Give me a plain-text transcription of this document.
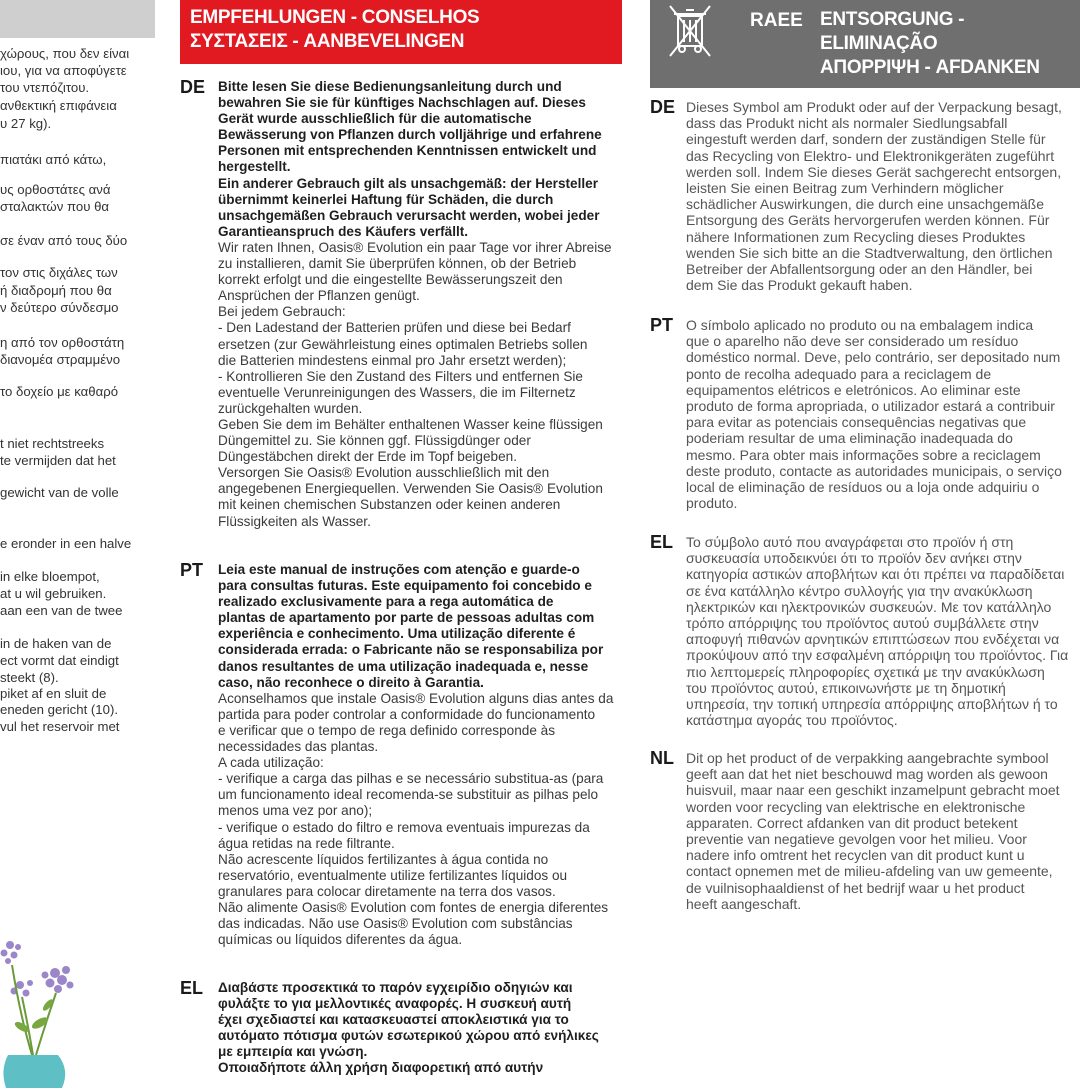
χώρους, που δεν είναι
ιου, για να αποφύγετε
του ντεπόζιτου.
ανθεκτική επιφάνεια
υ 27 kg).
πιατάκι από κάτω,
υς ορθοστάτες ανά
σταλακτών που θα
σε έναν από τους δύο
τον στις διχάλες των
ή διαδρομή που θα
ν δεύτερο σύνδεσμο
η από τον ορθοστάτη
διανομέα στραμμένο
το δοχείο με καθαρό
t niet rechtstreeks
te vermijden dat het
gewicht van de volle
e eronder in een halve
in elke bloempot,
at u wil gebruiken.
aan een van de twee
in de haken van de
ect vormt dat eindigt
steekt (8).
piket af en sluit de
eneden gericht (10).
vul het reservoir met
EMPFEHLUNGEN - CONSELHOS
ΣΥΣΤΑΣΕΙΣ - AANBEVELINGEN
DE Bitte lesen Sie diese Bedienungsanleitung durch und
bewahren Sie sie für künftiges Nachschlagen auf. Dieses
Gerät wurde ausschließlich für die automatische
Bewässerung von Pflanzen durch volljährige und erfahrene
Personen mit entsprechenden Kenntnissen entwickelt und
hergestellt.
Ein anderer Gebrauch gilt als unsachgemäß: der Hersteller
übernimmt keinerlei Haftung für Schäden, die durch
unsachgemäßen Gebrauch verursacht werden, wobei jeder
Garantieanspruch des Käufers verfällt.
Wir raten Ihnen, Oasis® Evolution ein paar Tage vor ihrer Abreise
zu installieren, damit Sie überprüfen können, ob der Betrieb
korrekt erfolgt und die eingestellte Bewässerungszeit den
Ansprüchen der Pflanzen genügt.
Bei jedem Gebrauch:
- Den Ladestand der Batterien prüfen und diese bei Bedarf
ersetzen (zur Gewährleistung eines optimalen Betriebs sollen
die Batterien mindestens einmal pro Jahr ersetzt werden);
- Kontrollieren Sie den Zustand des Filters und entfernen Sie
eventuelle Verunreinigungen des Wassers, die im Filternetz
zurückgehalten wurden.
Geben Sie dem im Behälter enthaltenen Wasser keine flüssigen
Düngemittel zu. Sie können ggf. Flüssigdünger oder
Düngestäbchen direkt der Erde im Topf beigeben.
Versorgen Sie Oasis® Evolution ausschließlich mit den
angegebenen Energiequellen. Verwenden Sie Oasis® Evolution
mit keinen chemischen Substanzen oder keinen anderen
Flüssigkeiten als Wasser.
PT Leia este manual de instruções com atenção e guarde-o
para consultas futuras. Este equipamento foi concebido e
realizado exclusivamente para a rega automática de
plantas de apartamento por parte de pessoas adultas com
experiência e conhecimento. Uma utilização diferente é
considerada errada: o Fabricante não se responsabiliza por
danos resultantes de uma utilização inadequada e, nesse
caso, não reconhece o direito à Garantia.
Aconselhamos que instale Oasis® Evolution alguns dias antes da
partida para poder controlar a conformidade do funcionamento
e verificar que o tempo de rega definido corresponde às
necessidades das plantas.
A cada utilização:
- verifique a carga das pilhas e se necessário substitua-as (para
um funcionamento ideal recomenda-se substituir as pilhas pelo
menos uma vez por ano);
- verifique o estado do filtro e remova eventuais impurezas da
água retidas na rede filtrante.
Não acrescente líquidos fertilizantes à água contida no
reservatório, eventualmente utilize fertilizantes líquidos ou
granulares para colocar diretamente na terra dos vasos.
Não alimente Oasis® Evolution com fontes de energia diferentes
das indicadas. Não use Oasis® Evolution com substâncias
químicas ou líquidos diferentes da água.
EL Διαβάστε προσεκτικά το παρόν εγχειρίδιο οδηγιών και
φυλάξτε το για μελλοντικές αναφορές. Η συσκευή αυτή
έχει σχεδιαστεί και κατασκευαστεί αποκλειστικά για το
αυτόματο πότισμα φυτών εσωτερικού χώρου από ενήλικες
με εμπειρία και γνώση.
Οποιαδήποτε άλλη χρήση διαφορετική από αυτήν
RAEE ENTSORGUNG - ELIMINAÇÃO
ΑΠΟΡΡΙΨΗ - AFDANKEN
DE Dieses Symbol am Produkt oder auf der Verpackung besagt,
dass das Produkt nicht als normaler Siedlungsabfall
eingestuft werden darf, sondern der zuständigen Stelle für
das Recycling von Elektro- und Elektronikgeräten zugeführt
werden soll. Indem Sie dieses Gerät sachgerecht entsorgen,
leisten Sie einen Beitrag zum Verhindern möglicher
schädlicher Auswirkungen, die durch eine unsachgemäße
Entsorgung des Geräts hervorgerufen werden können. Für
nähere Informationen zum Recycling dieses Produktes
wenden Sie sich bitte an die Stadtverwaltung, den örtlichen
Betreiber der Abfallentsorgung oder an den Händler, bei
dem Sie das Produkt gekauft haben.
PT O símbolo aplicado no produto ou na embalagem indica
que o aparelho não deve ser considerado um resíduo
doméstico normal. Deve, pelo contrário, ser depositado num
ponto de recolha adequado para a reciclagem de
equipamentos elétricos e eletrónicos. Ao eliminar este
produto de forma apropriada, o utilizador estará a contribuir
para evitar as potenciais consequências negativas que
poderiam resultar de uma eliminação inadequada do
mesmo. Para obter mais informações sobre a reciclagem
deste produto, contacte as autoridades municipais, o serviço
local de eliminação de resíduos ou a loja onde adquiriu o
produto.
EL Το σύμβολο αυτό που αναγράφεται στο προϊόν ή στη
συσκευασία υποδεικνύει ότι το προϊόν δεν ανήκει στην
κατηγορία αστικών αποβλήτων και ότι πρέπει να παραδίδεται
σε ένα κατάλληλο κέντρο συλλογής για την ανακύκλωση
ηλεκτρικών και ηλεκτρονικών συσκευών. Με τον κατάλληλο
τρόπο απόρριψης του προϊόντος αυτού συμβάλλετε στην
αποφυγή πιθανών αρνητικών επιπτώσεων που ενδέχεται να
προκύψουν από την εσφαλμένη απόρριψη του προϊόντος. Για
πιο λεπτομερείς πληροφορίες σχετικά με την ανακύκλωση
του προϊόντος αυτού, επικοινωνήστε με τη δημοτική
υπηρεσία, την τοπική υπηρεσία απόρριψης αποβλήτων ή το
κατάστημα αγοράς του προϊόντος.
NL Dit op het product of de verpakking aangebrachte symbool
geeft aan dat het niet beschouwd mag worden als gewoon
huisvuil, maar naar een geschikt inzamelpunt gebracht moet
worden voor recycling van elektrische en elektronische
apparaten. Correct afdanken van dit product betekent
preventie van negatieve gevolgen voor het milieu. Voor
nadere info omtrent het recyclen van dit product kunt u
contact opnemen met de milieu-afdeling van uw gemeente,
de vuilnisophaaldienst of het bedrijf waar u het product
heeft aangeschaft.
